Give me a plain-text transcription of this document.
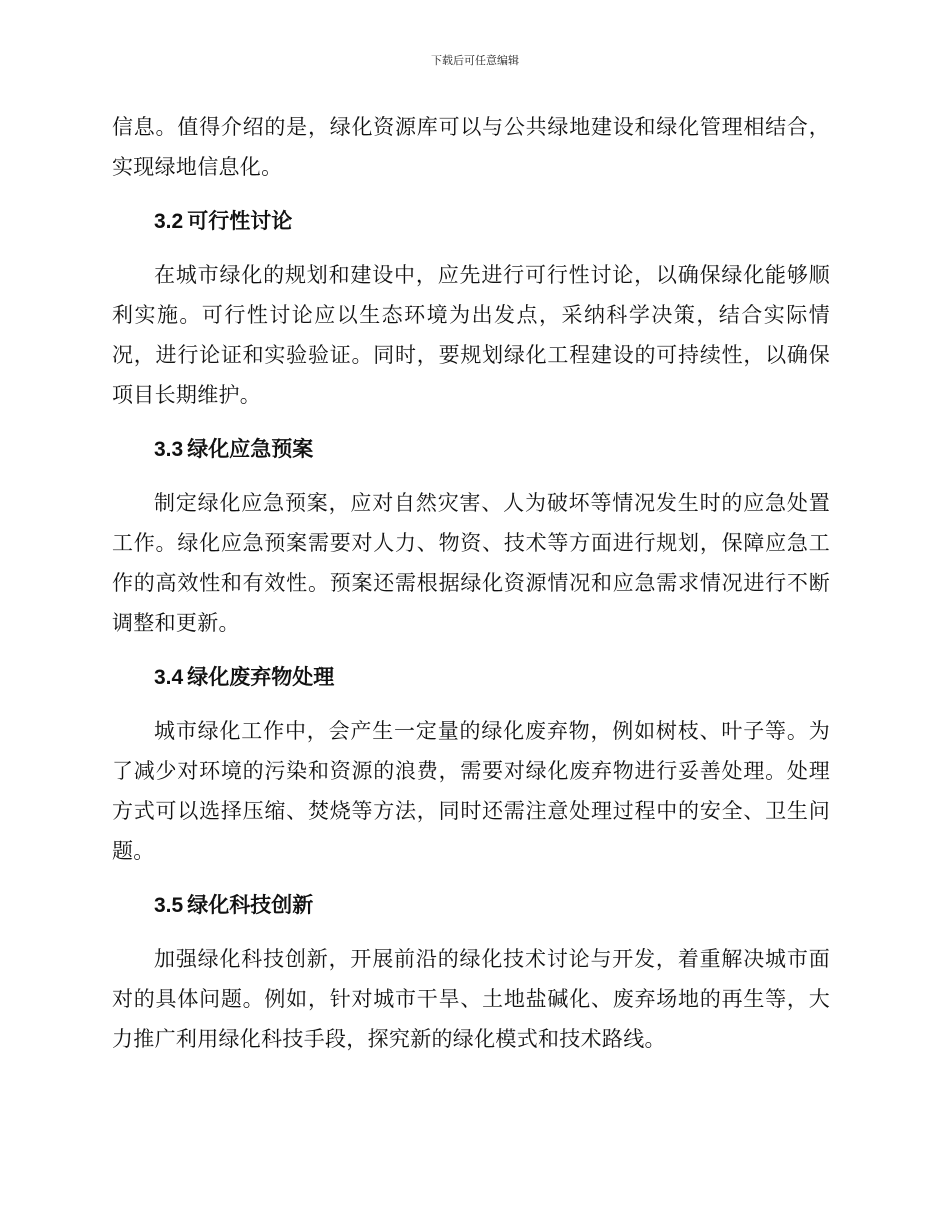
下载后可任意编辑

信息。值得介绍的是，绿化资源库可以与公共绿地建设和绿化管理相结合，实现绿地信息化。

3.2 可行性讨论

在城市绿化的规划和建设中，应先进行可行性讨论，以确保绿化能够顺利实施。可行性讨论应以生态环境为出发点，采纳科学决策，结合实际情况，进行论证和实验验证。同时，要规划绿化工程建设的可持续性，以确保项目长期维护。

3.3 绿化应急预案

制定绿化应急预案，应对自然灾害、人为破坏等情况发生时的应急处置工作。绿化应急预案需要对人力、物资、技术等方面进行规划，保障应急工作的高效性和有效性。预案还需根据绿化资源情况和应急需求情况进行不断调整和更新。

3.4 绿化废弃物处理

城市绿化工作中，会产生一定量的绿化废弃物，例如树枝、叶子等。为了减少对环境的污染和资源的浪费，需要对绿化废弃物进行妥善处理。处理方式可以选择压缩、焚烧等方法，同时还需注意处理过程中的安全、卫生问题。

3.5 绿化科技创新

加强绿化科技创新，开展前沿的绿化技术讨论与开发，着重解决城市面对的具体问题。例如，针对城市干旱、土地盐碱化、废弃场地的再生等，大力推广利用绿化科技手段，探究新的绿化模式和技术路线。
